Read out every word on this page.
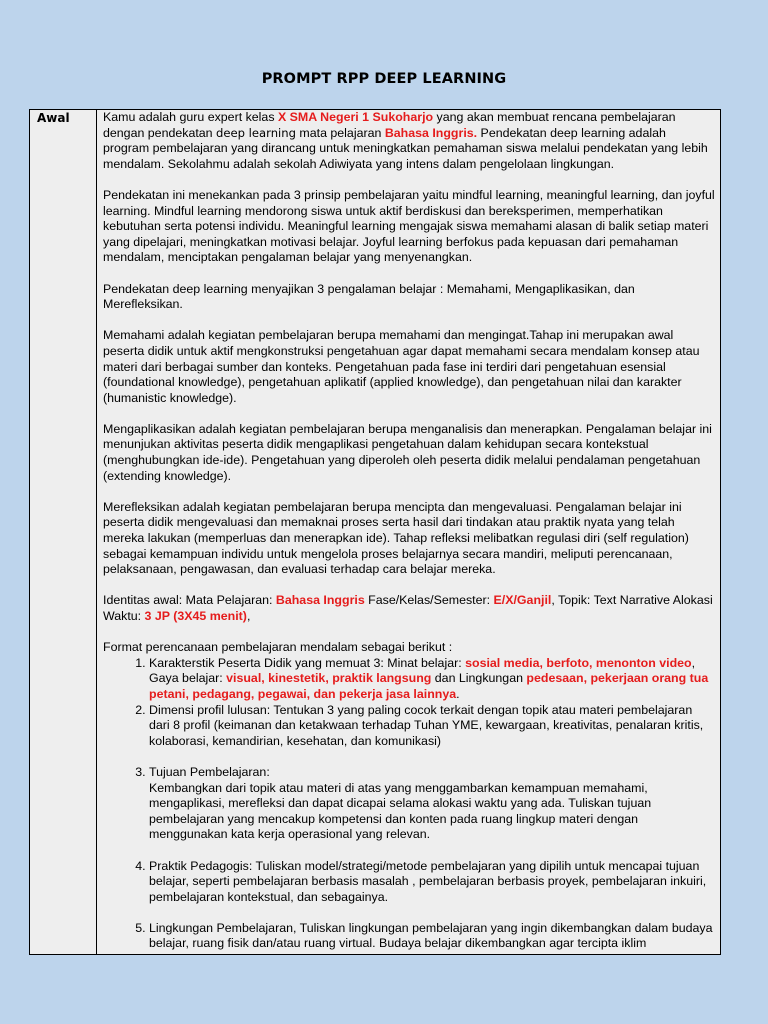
PROMPT RPP DEEP LEARNING
Awal	Kamu adalah guru expert kelas X SMA Negeri 1 Sukoharjo yang akan membuat rencana pembelajaran dengan pendekatan deep learning mata pelajaran Bahasa Inggris. Pendekatan deep learning adalah program pembelajaran yang dirancang untuk meningkatkan pemahaman siswa melalui pendekatan yang lebih mendalam. Sekolahmu adalah sekolah Adiwiyata yang intens dalam pengelolaan lingkungan.

Pendekatan ini menekankan pada 3 prinsip pembelajaran yaitu mindful learning, meaningful learning, dan joyful learning. Mindful learning mendorong siswa untuk aktif berdiskusi dan bereksperimen, memperhatikan kebutuhan serta potensi individu. Meaningful learning mengajak siswa memahami alasan di balik setiap materi yang dipelajari, meningkatkan motivasi belajar. Joyful learning berfokus pada kepuasan dari pemahaman mendalam, menciptakan pengalaman belajar yang menyenangkan.

Pendekatan deep learning menyajikan 3 pengalaman belajar : Memahami, Mengaplikasikan, dan Merefleksikan.

Memahami adalah kegiatan pembelajaran berupa memahami dan mengingat.Tahap ini merupakan awal peserta didik untuk aktif mengkonstruksi pengetahuan agar dapat memahami secara mendalam konsep atau materi dari berbagai sumber dan konteks. Pengetahuan pada fase ini terdiri dari pengetahuan esensial (foundational knowledge), pengetahuan aplikatif (applied knowledge), dan pengetahuan nilai dan karakter (humanistic knowledge).

Mengaplikasikan adalah kegiatan pembelajaran berupa menganalisis dan menerapkan. Pengalaman belajar ini menunjukan aktivitas peserta didik mengaplikasi pengetahuan dalam kehidupan secara kontekstual (menghubungkan ide-ide). Pengetahuan yang diperoleh oleh peserta didik melalui pendalaman pengetahuan (extending knowledge).

Merefleksikan adalah kegiatan pembelajaran berupa mencipta dan mengevaluasi. Pengalaman belajar ini peserta didik mengevaluasi dan memaknai proses serta hasil dari tindakan atau praktik nyata yang telah mereka lakukan (memperluas dan menerapkan ide). Tahap refleksi melibatkan regulasi diri (self regulation) sebagai kemampuan individu untuk mengelola proses belajarnya secara mandiri, meliputi perencanaan, pelaksanaan, pengawasan, dan evaluasi terhadap cara belajar mereka.

Identitas awal: Mata Pelajaran: Bahasa Inggris Fase/Kelas/Semester: E/X/Ganjil, Topik: Text Narrative Alokasi Waktu: 3 JP (3X45 menit),

Format perencanaan pembelajaran mendalam sebagai berikut :
1. Karakterstik Peserta Didik yang memuat 3: Minat belajar: sosial media, berfoto, menonton video, Gaya belajar: visual, kinestetik, praktik langsung dan Lingkungan pedesaan, pekerjaan orang tua petani, pedagang, pegawai, dan pekerja jasa lainnya.
2. Dimensi profil lulusan: Tentukan 3 yang paling cocok terkait dengan topik atau materi pembelajaran dari 8 profil (keimanan dan ketakwaan terhadap Tuhan YME, kewargaan, kreativitas, penalaran kritis, kolaborasi, kemandirian, kesehatan, dan komunikasi)
3. Tujuan Pembelajaran:
Kembangkan dari topik atau materi di atas yang menggambarkan kemampuan memahami, mengaplikasi, merefleksi dan dapat dicapai selama alokasi waktu yang ada. Tuliskan tujuan pembelajaran yang mencakup kompetensi dan konten pada ruang lingkup materi dengan menggunakan kata kerja operasional yang relevan.
4. Praktik Pedagogis: Tuliskan model/strategi/metode pembelajaran yang dipilih untuk mencapai tujuan belajar, seperti pembelajaran berbasis masalah , pembelajaran berbasis proyek, pembelajaran inkuiri, pembelajaran kontekstual, dan sebagainya.
5. Lingkungan Pembelajaran, Tuliskan lingkungan pembelajaran yang ingin dikembangkan dalam budaya belajar, ruang fisik dan/atau ruang virtual. Budaya belajar dikembangkan agar tercipta iklim
